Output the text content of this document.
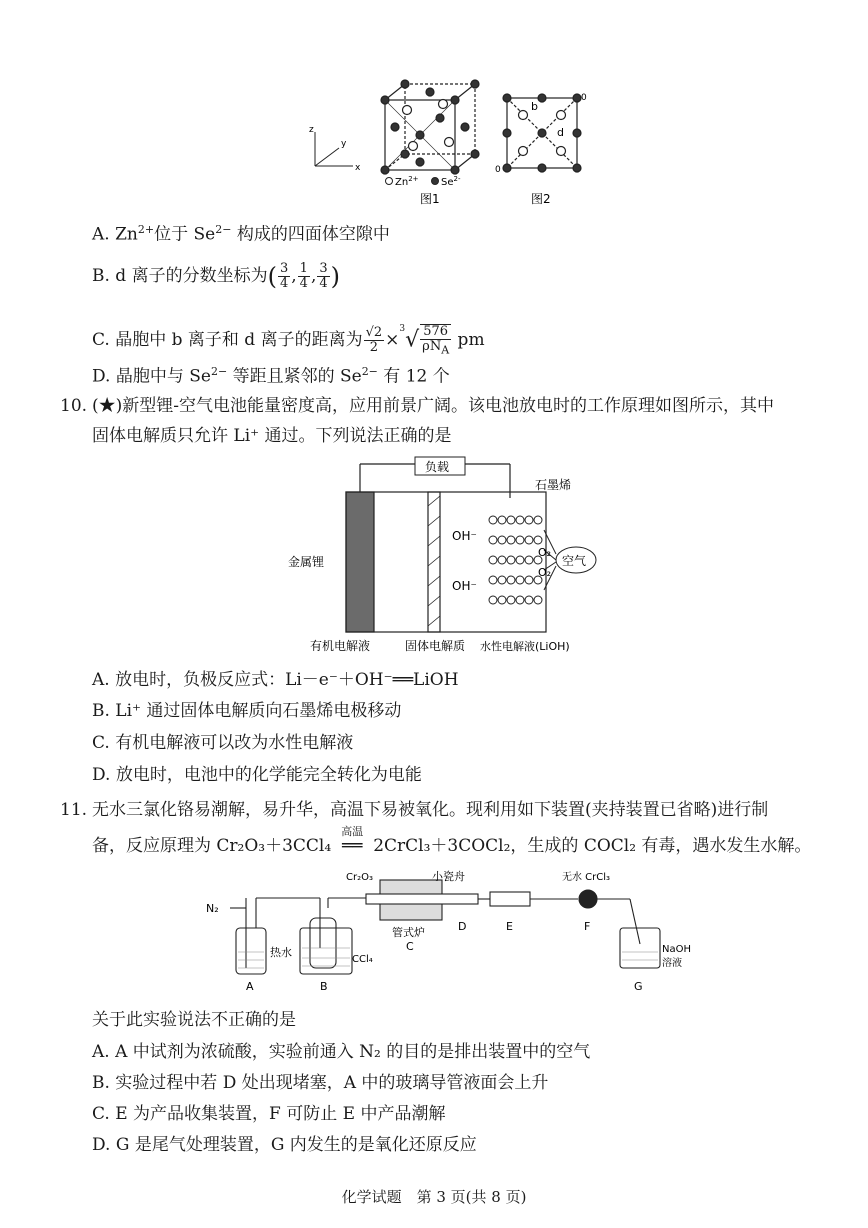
z
y
x
$Zn^{2+}$ $Se^{2-}$
图1
b
d
0
0
图2
A. $Zn^{2+}$位于 $Se^{2-}$ 构成的四面体空隙中
B. d 离子的分数坐标为( $\frac{3}{4}$ , $\frac{1}{4}$ , $\frac{3}{4}$ )
C. 晶胞中 b 离子和 d 离子的距离为 $\frac{√2}{2} \times^3√ \frac{576}{\rho N_A}$ pm
D. 晶胞中与 $Se^{2-}$ 等距且紧邻的 $Se^{2-}$ 有 12 个
10. (★)新型锂-空气电池能量密度高，应用前景广阔。该电池放电时的工作原理如图所示，其中
固体电解质只允许 Li⁺ 通过。下列说法正确的是
负载
空气
石墨烯
OH⁻
OH⁻
O₂
O₂
金属锂
有机电解液	固体电解质 水性电解液(LiOH)
A. 放电时，负极反应式：Li－e⁻＋OH⁻══LiOH
B. Li⁺ 通过固体电解质向石墨烯电极移动
C. 有机电解液可以改为水性电解液
D. 放电时，电池中的化学能完全转化为电能
11. 无水三氯化铬易潮解，易升华，高温下易被氧化。现利用如下装置(夹持装置已省略)进行制
备，反应原理为 Cr₂O₃＋3CCl₄
高温
══ 2CrCl₃＋3COCl₂，生成的 COCl₂ 有毒，遇水发生水解。
N₂
Cr₂O₃	小瓷舟
管式炉
热水
CCl₄
无水 CrCl₃
NaOH
溶液
A	B
C
D	E	F
G
关于此实验说法不正确的是
A. A 中试剂为浓硫酸，实验前通入 N₂ 的目的是排出装置中的空气
B. 实验过程中若 D 处出现堵塞，A 中的玻璃导管液面会上升
C. E 为产品收集装置，F 可防止 E 中产品潮解
D. G 是尾气处理装置，G 内发生的是氧化还原反应
化学试题　第 3 页(共 8 页)
